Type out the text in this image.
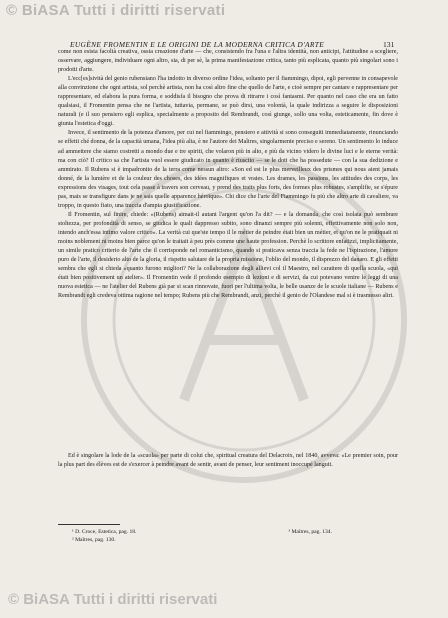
© BiASA Tutti i diritti riservati
EUGÈNE FROMENTIN E LE ORIGINI DE LA MODERNA CRITICA D'ARTE	131

come non esista facoltà creativa, ossia creazione d'arte — che, consistendo fra l'una e l'altra identità, non anticipi, l'attitudine a scegliere, osservare, aggiungere, individuare ogni altro, sia, di per sè, la prima manifestazione critica, tanto più esplicata, quanto più singolari sono i prodotti d'arte.

L'ecc[es]sività del genio rubensiano l'ha indotto in diverso ordine l'idea, soltanto per il fiammingo, dipoi, egli pervenne in consapevole alla convinzione che ogni artista, sol perchè artista, non ha così altro fine che quello de l'arte, e cioè sempre per cantare e rappresentare per rappresentare, ed elabora la pura forma, e soddisfa il bisogno che prova di ritrarre i così fantasmi. Per quanto nel caso che era un fatto qualsiasi, il Fromentin pensa che ne l'artista, tuttavia, permane, se può dirsi, una volontà, la quale indirizza a seguire le disposizioni naturali (e il suo pensiero egli esplica, specialmente a proposito del Rembrandt, così giunge, sollo una volta, esteticamente, fin dove è giunta l'estetica d'oggi.

Invece, il sentimento de la potenza d'amore, per cui nel fiammingo, pensiero e attività si sono conseguiti immediatamente, rinunciando se effetti ché donna, de la capacità umana, l'idea più alta, è ne l'autore dei Maîtres, singolarmente preciso e sereno. Un sentimento lo induce ad ammettere che siamo costretti a mondo due e tre spiriti, che volaron più in alto, e più da vicino videro le divine luci e le eterne verità: ma con ciò? Il critico sa che l'artista vuol essere giudicato in quanto è riuscito — se le doti che ha possedute — con la sua dedizione e ammirato. Il Rubens si è impadronito de la terra come nessun altro: «Son ed est le plus merveilleux des prismes qui nous aient jamais donné, de la lumière et de la couleur des choses, des idées magnifiques et vraies. Les drames, les passions, les attitudes des corps, les expressions des visages, tout cela passe à travers son cerveau, y prend des traits plus forts, des formes plus robustes, s'amplifie, se s'épure pas, mais se transfigure dans je ne sais quelle apparence héroïque». Chi dice che l'arte del Fiammingo fu più che altro arte di cavaliere, va troppo, in questo fiato, una traccia d'ampia giustificazione.

Il Fromentin, sul finire, chiede: «(Rubens) aimait-il autant l'argent qu'on l'a dit? — e la domanda, che così isolata può sembrare stoltezza, per profondità di senso, se giudica le quali dappresso subito, sono dinanzi sempre più solenni, effettivamente non solo non, intendo anch'essa intimo valore critico». La verità cui que'ste tempo il le métier de peindre était bien un métier, et qu'on ne le pratiquait ni moins noblement ni moins bien parce qu'on le traitait à peu près comme une haute profession. Perchè lo scrittore enfatizzi, implicitamente, un simile pratico criterio de l'arte che il corrisponde nel romanticismo, quando si praticava senza traccia la fede ne l'ispirazione, l'amore puro de l'arte, il desiderio alto de la gloria, il rispetto salutare de la propria missione, l'oblio del mondo, il disprezzo del danaro. E gli effetti sembra che egli si chieda «quanto furono migliori? Ne la collaborazione degli allievi col il Maestro, nel carattere di quella scuola, «qui était bien positivement un atelier». Il Fromentin vede il profondo esempio di lezioni e di servizi, da cui potevano venire le leggi di una nuova estetica — ne l'atelier del Rubens già par si scan rinnovate, fuori per l'ultima volta, le belle usanze de le scuole italiane — Rubens e Rembrandt egli credeva ottima ragione nel tempo; Rubens più che Rembrandt, anzi, perchè il genio de l'Olandese mal si è trasmesso altri.

Ed è singolare la lode de la «scuola» per parte di colui che, spiritual creatura del Delacroix, nel 1840, avveva: «Le premier soin, pour la plus part des élèves est de s'exercer à peindre avant de sentir, avant de penser, leur sentiment inoccupé languit.

¹ D. Croce, Estetica, pag. 18.	³ Maîtres, pag. 134.
² Maîtres, pag. 130.
© BiASA Tutti i diritti riservati
